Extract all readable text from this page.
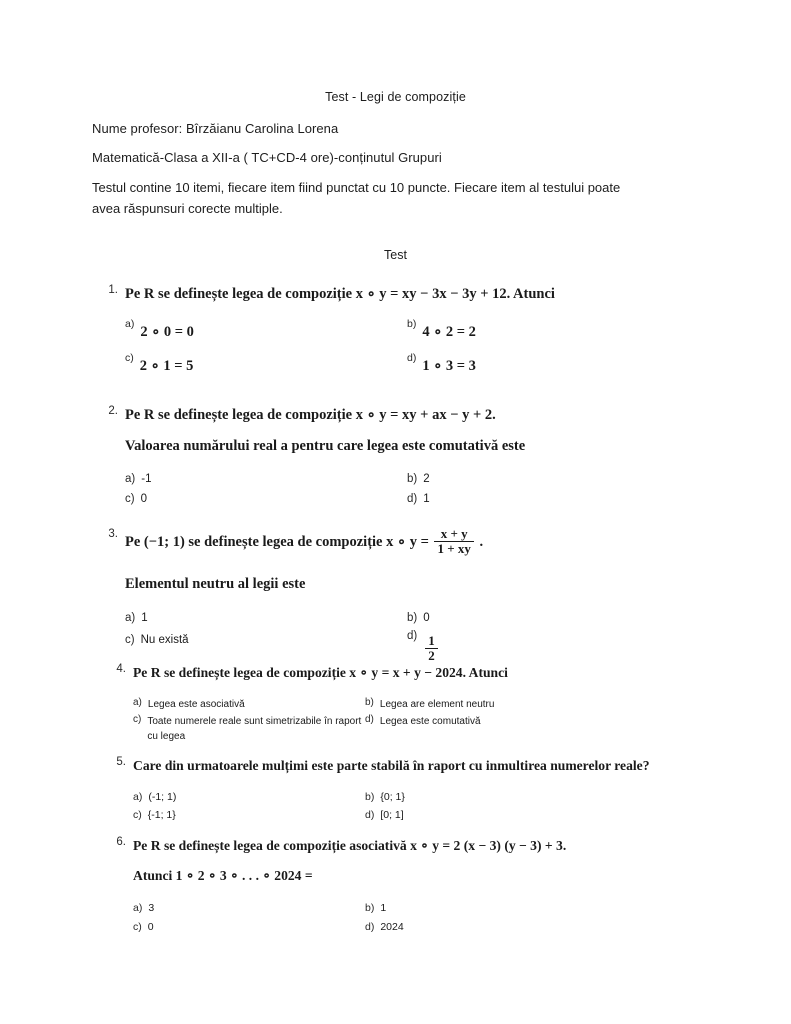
Test - Legi de compoziție
Nume profesor: Bîrzăianu Carolina Lorena
Matematică-Clasa a XII-a ( TC+CD-4 ore)-conținutul Grupuri
Testul contine 10 itemi, fiecare item fiind punctat cu 10 puncte. Fiecare item al testului poate avea răspunsuri corecte multiple.
Test
1. Pe R se definește legea de compoziție x ∘ y = xy − 3x − 3y + 12. Atunci
a) 2 ∘ 0 = 0	b) 4 ∘ 2 = 2
c) 2 ∘ 1 = 5	d) 1 ∘ 3 = 3
2. Pe R se definește legea de compoziție x ∘ y = xy + ax − y + 2.
Valoarea numărului real a pentru care legea este comutativă este
a) -1	b) 2
c) 0	d) 1
3. Pe (−1; 1) se definește legea de compoziție x ∘ $y = \frac{x + y}{1 + xy}$ .
Elementul neutru al legii este
a) 1	b) 0
c) Nu există	$d) \frac{1}{2}$
4. Pe R se definește legea de compoziție x ∘ y = x + y − 2024. Atunci
a) Legea este asociativă	b) Legea are element neutru
c) Toate numerele reale sunt simetrizabile în raport cu legea
d) Legea este comutativă
5. Care din urmatoarele mulțimi este parte stabilă în raport cu inmultirea numerelor reale?
a) (-1; 1)	b) {0; 1}
c) {-1; 1}	d) [0; 1]
6. Pe R se definește legea de compoziție asociativă x ∘ y = 2 (x − 3) (y − 3) + 3.
Atunci 1 ∘ 2 ∘ 3 ∘ . . . ∘ 2024 =
a) 3	b) 1
c) 0	d) 2024
